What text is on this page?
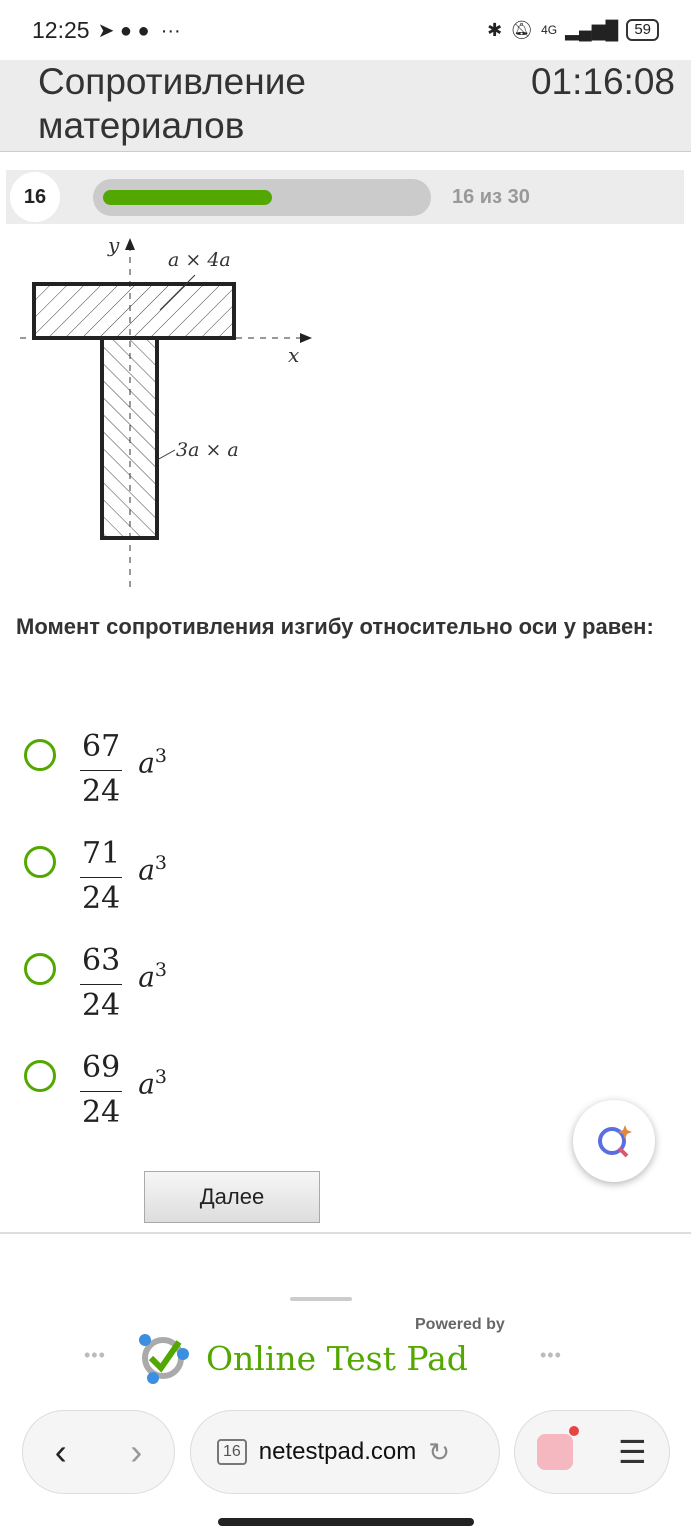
12:25 ➤ ● ●  ···	✱ 🔕︎ 4G ▂▄▆█	59
Сопротивление
материалов
01:16:08
16	16 из 30
y
x
a × 4a
3a × a
Момент сопротивления изгибу относительно оси y равен:
$\frac{67}{24} a^3$
$\frac{71}{24} a^3$
$\frac{63}{24} a^3$
$\frac{69}{24} a^3$
Далее
•••	•••
Powered by
Online Test Pad
‹ ›	16 netestpad.com ↻	☰
